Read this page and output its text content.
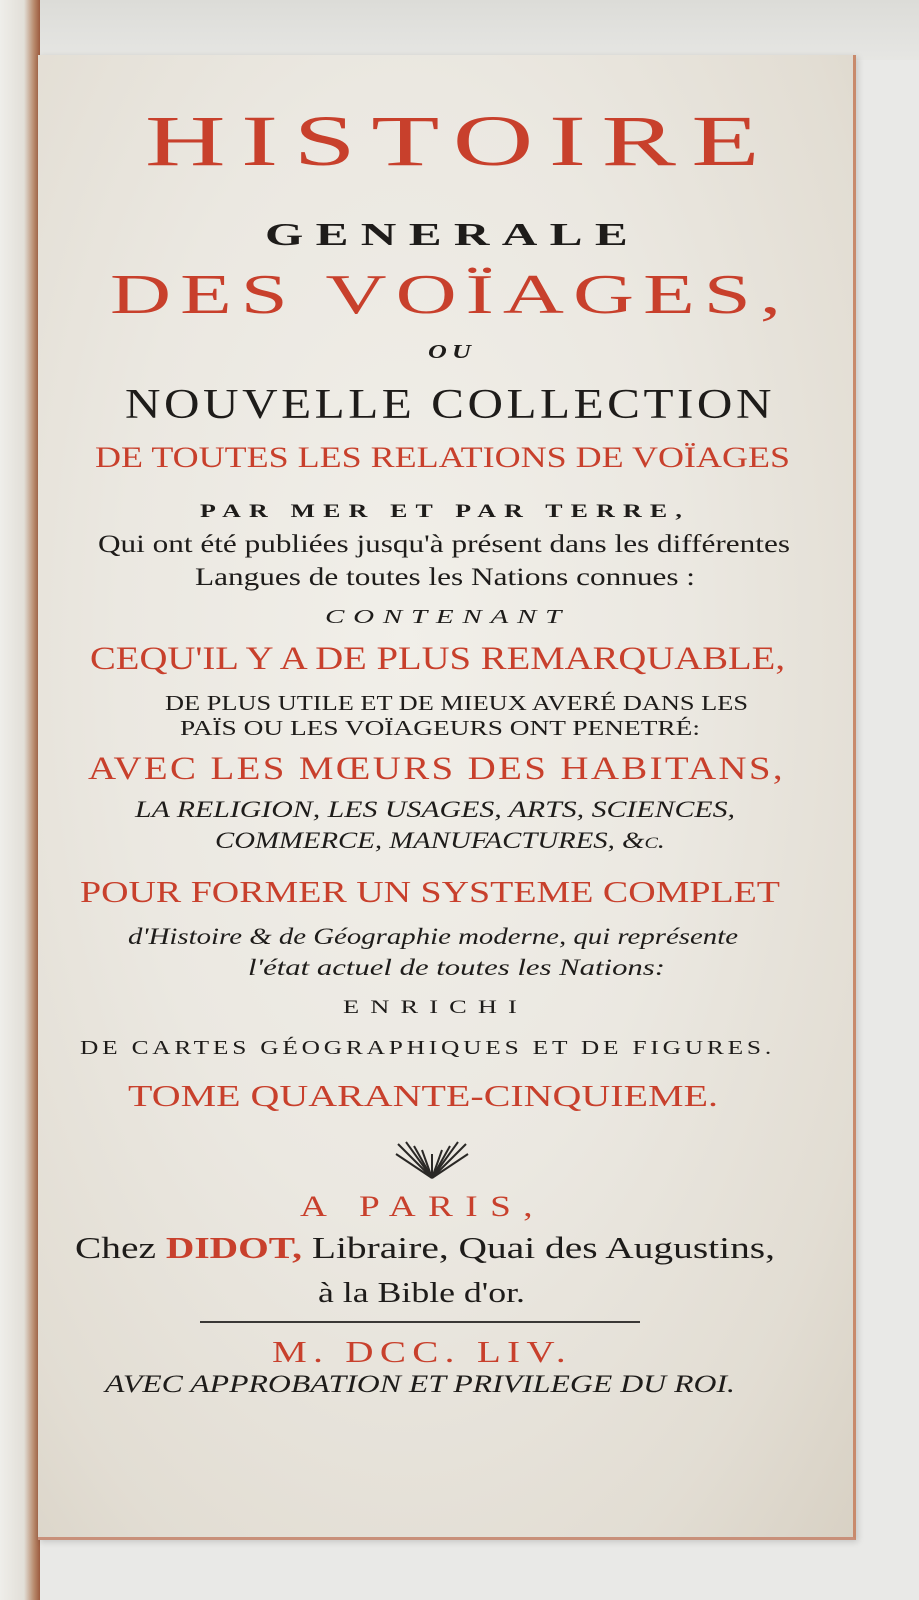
HISTOIRE
GENERALE
DES VOÏAGES,
OU
NOUVELLE COLLECTION
DE TOUTES LES RELATIONS DE VOÏAGES
PAR MER ET PAR TERRE,
Qui ont été publiées jusqu'à présent dans les différentes
Langues de toutes les Nations connues :
CONTENANT
CEQU'IL Y A DE PLUS REMARQUABLE,
DE PLUS UTILE ET DE MIEUX AVERÉ DANS LES
PAÏS OU LES VOÏAGEURS ONT PENETRÉ:
AVEC LES MŒURS DES HABITANS,
LA RELIGION, LES USAGES, ARTS, SCIENCES,
COMMERCE, MANUFACTURES, &c.
POUR FORMER UN SYSTEME COMPLET
d'Histoire & de Géographie moderne, qui représente
l'état actuel de toutes les Nations:
ENRICHI
DE CARTES GÉOGRAPHIQUES ET DE FIGURES.
TOME QUARANTE-CINQUIEME.
A PARIS,
Chez DIDOT, Libraire, Quai des Augustins,
à la Bible d'or.
M. DCC. LIV.
AVEC APPROBATION ET PRIVILEGE DU ROI.
